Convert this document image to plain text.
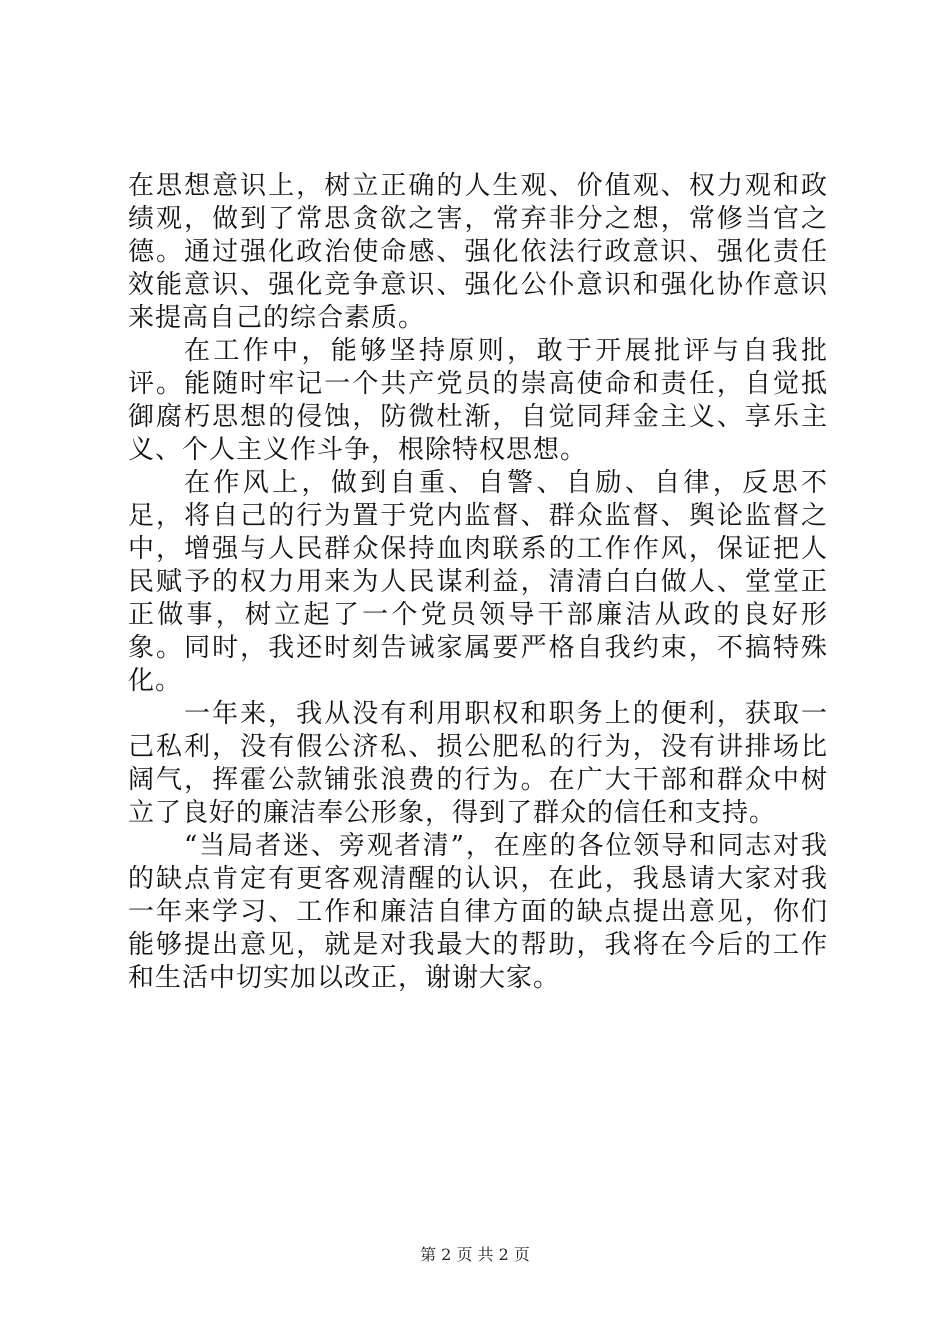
在思想意识上，树立正确的人生观、价值观、权力观和政绩观，做到了常思贪欲之害，常弃非分之想，常修当官之德。通过强化政治使命感、强化依法行政意识、强化责任效能意识、强化竞争意识、强化公仆意识和强化协作意识来提高自己的综合素质。

在工作中，能够坚持原则，敢于开展批评与自我批评。能随时牢记一个共产党员的崇高使命和责任，自觉抵御腐朽思想的侵蚀，防微杜渐，自觉同拜金主义、享乐主义、个人主义作斗争，根除特权思想。

在作风上，做到自重、自警、自励、自律，反思不足，将自己的行为置于党内监督、群众监督、舆论监督之中，增强与人民群众保持血肉联系的工作作风，保证把人民赋予的权力用来为人民谋利益，清清白白做人、堂堂正正做事，树立起了一个党员领导干部廉洁从政的良好形象。同时，我还时刻告诫家属要严格自我约束，不搞特殊化。

一年来，我从没有利用职权和职务上的便利，获取一己私利，没有假公济私、损公肥私的行为，没有讲排场比阔气，挥霍公款铺张浪费的行为。在广大干部和群众中树立了良好的廉洁奉公形象，得到了群众的信任和支持。

“当局者迷、旁观者清”，在座的各位领导和同志对我的缺点肯定有更客观清醒的认识，在此，我恳请大家对我一年来学习、工作和廉洁自律方面的缺点提出意见，你们能够提出意见，就是对我最大的帮助，我将在今后的工作和生活中切实加以改正，谢谢大家。

第 2 页 共 2 页
